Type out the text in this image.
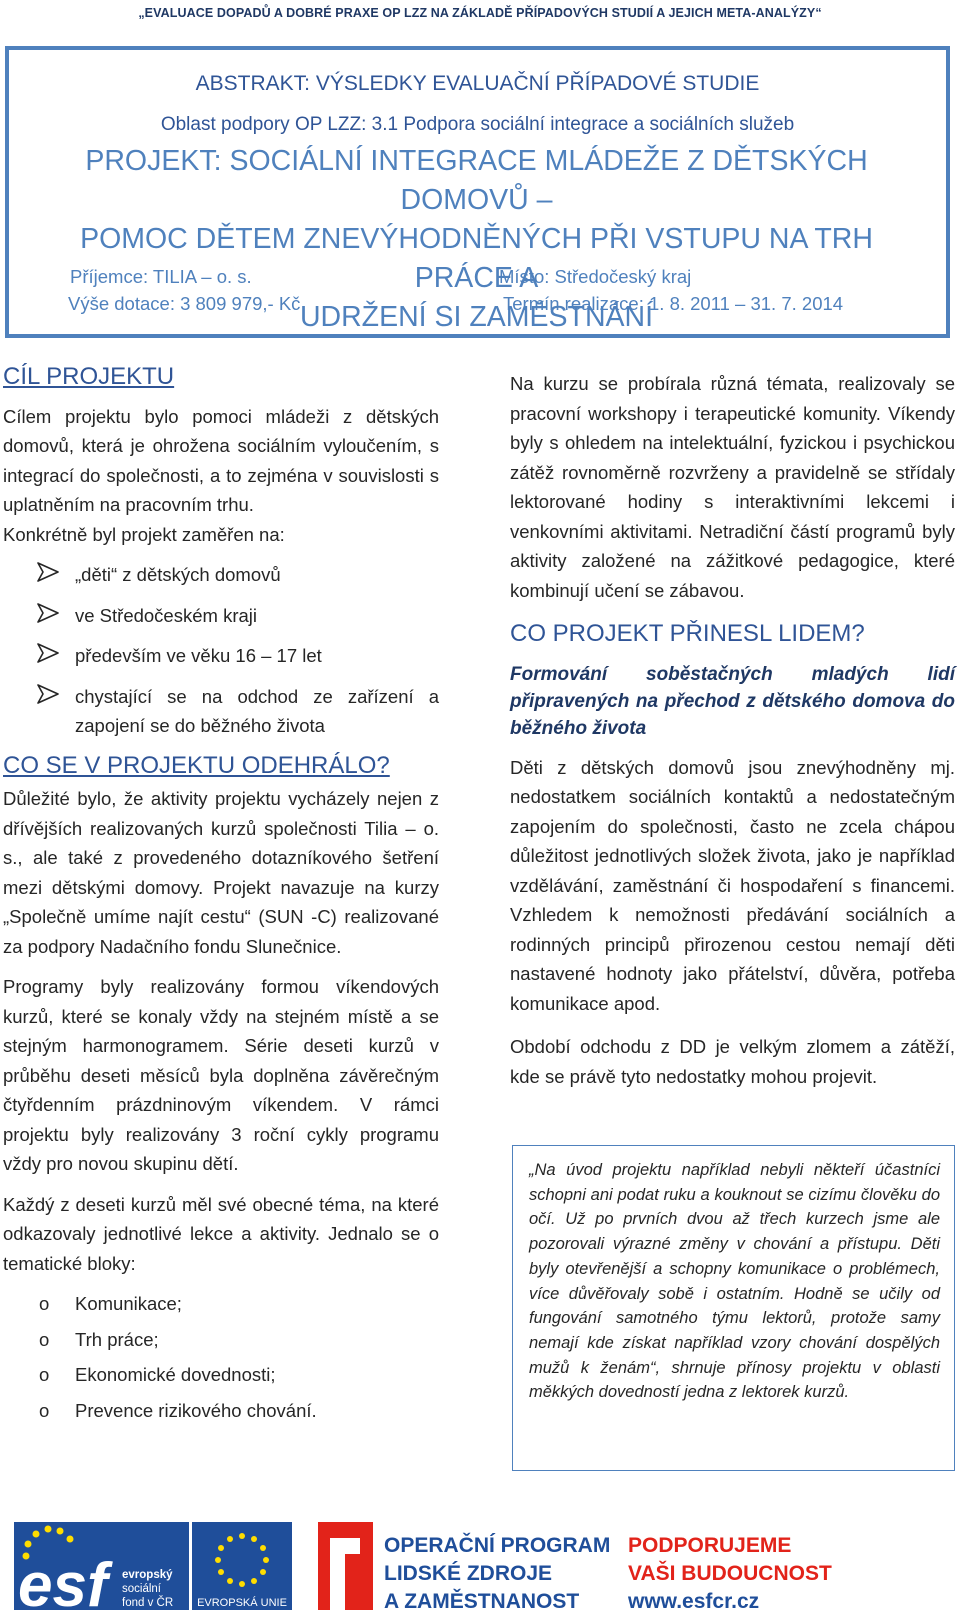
„EVALUACE DOPADŮ A DOBRÉ PRAXE OP LZZ NA ZÁKLADĚ PŘÍPADOVÝCH STUDIÍ A JEJICH META-ANALÝZY“
ABSTRAKT: VÝSLEDKY EVALUAČNÍ PŘÍPADOVÉ STUDIE
Oblast podpory OP LZZ: 3.1 Podpora sociální integrace a sociálních služeb
PROJEKT: SOCIÁLNÍ INTEGRACE MLÁDEŽE Z DĚTSKÝCH DOMOVŮ –
POMOC DĚTEM ZNEVÝHODNĚNÝCH PŘI VSTUPU NA TRH PRÁCE A
UDRŽENÍ SI ZAMĚSTNÁNÍ
Příjemce: TILIA – o. s.
Výše dotace: 3 809 979,- Kč
Místo: Středočeský kraj
Termín realizace: 1. 8. 2011 – 31. 7. 2014
CÍL PROJEKTU

Cílem projektu bylo pomoci mládeži z dětských domovů, která je ohrožena sociálním vyloučením, s integrací do společnosti, a to zejména v souvislosti s uplatněním na pracovním trhu.

Konkrétně byl projekt zaměřen na:

„děti“ z dětských domovů
ve Středočeském kraji
především ve věku 16 – 17 let
chystající se na odchod ze zařízení a zapojení se do běžného života
CO SE V PROJEKTU ODEHRÁLO?

Důležité bylo, že aktivity projektu vycházely nejen z dřívějších realizovaných kurzů společnosti Tilia – o. s., ale také z provedeného dotazníkového šetření mezi dětskými domovy. Projekt navazuje na kurzy „Společně umíme najít cestu“ (SUN -C) realizované za podpory Nadačního fondu Slunečnice.

Programy byly realizovány formou víkendových kurzů, které se konaly vždy na stejném místě a se stejným harmonogramem. Série deseti kurzů v průběhu deseti měsíců byla doplněna závěrečným čtyřdenním prázdninovým víkendem. V rámci projektu byly realizovány 3 roční cykly programu vždy pro novou skupinu dětí.

Každý z deseti kurzů měl své obecné téma, na které odkazovaly jednotlivé lekce a aktivity. Jednalo se o tematické bloky:

o Komunikace;
o Trh práce;
o Ekonomické dovednosti;
o Prevence rizikového chování.

Na kurzu se probírala různá témata, realizovaly se pracovní workshopy i terapeutické komunity. Víkendy byly s ohledem na intelektuální, fyzickou i psychickou zátěž rovnoměrně rozvrženy a pravidelně se střídaly lektorované hodiny s interaktivními lekcemi i venkovními aktivitami. Netradiční částí programů byly aktivity založené na zážitkové pedagogice, které kombinují učení se zábavou.

CO PROJEKT PŘINESL LIDEM?

Formování soběstačných mladých lidí připravených na přechod z dětského domova do běžného života

Děti z dětských domovů jsou znevýhodněny mj. nedostatkem sociálních kontaktů a nedostatečným zapojením do společnosti, často ne zcela chápou důležitost jednotlivých složek života, jako je například vzdělávání, zaměstnání či hospodaření s financemi. Vzhledem k nemožnosti předávání sociálních a rodinných principů přirozenou cestou nemají děti nastavené hodnoty jako přátelství, důvěra, potřeba komunikace apod.

Období odchodu z DD je velkým zlomem a zátěží, kde se právě tyto nedostatky mohou projevit.

„Na úvod projektu například nebyli někteří účastníci schopni ani podat ruku a kouknout se cizímu člověku do očí. Už po prvních dvou až třech kurzech jsme ale pozorovali výrazné změny v chování a přístupu. Děti byly otevřenější a schopny komunikace o problémech, více důvěřovaly sobě i ostatním. Hodně se učily od fungování samotného týmu lektorů, protože samy nemají kde získat například vzory chování dospělých mužů k ženám“, shrnuje přínosy projektu v oblasti měkkých dovedností jedna z lektorek kurzů.

esf	evropský
sociální
fond v ČR EVROPSKÁ UNIE
OPERAČNÍ PROGRAM
LIDSKÉ ZDROJE
A ZAMĚSTNANOST
PODPORUJEME
VAŠI BUDOUCNOST
www.esfcr.cz
